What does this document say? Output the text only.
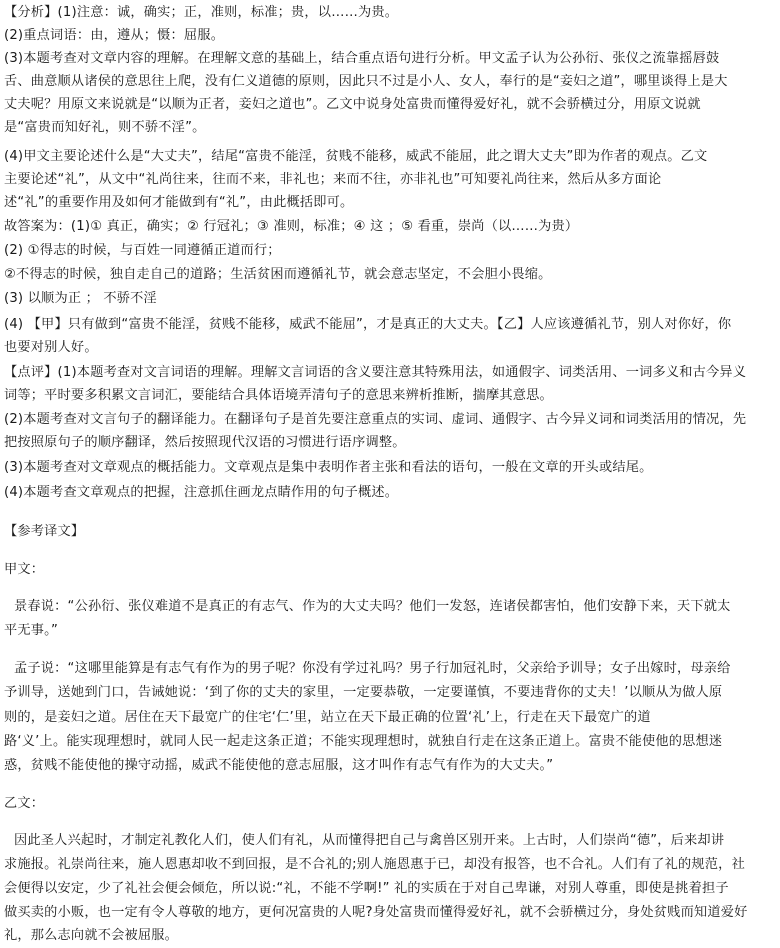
【分析】(1)注意：诚，确实；正，准则，标准；贵，以……为贵。
(2)重点词语：由，遵从；慑：屈服。
(3)本题考查对文章内容的理解。在理解文意的基础上，结合重点语句进行分析。甲文孟子认为公孙衍、张仪之流靠摇唇鼓
舌、曲意顺从诸侯的意思往上爬，没有仁义道德的原则，因此只不过是小人、女人，奉行的是“妾妇之道”，哪里谈得上是大
丈夫呢？用原文来说就是“以顺为正者，妾妇之道也”。乙文中说身处富贵而懂得爱好礼，就不会骄横过分，用原文说就
是“富贵而知好礼，则不骄不淫”。
(4)甲文主要论述什么是“大丈夫”，结尾“富贵不能淫，贫贱不能移，威武不能屈，此之谓大丈夫”即为作者的观点。乙文
主要论述“礼”，从文中“礼尚往来，往而不来，非礼也；来而不往，亦非礼也”可知要礼尚往来，然后从多方面论
述“礼”的重要作用及如何才能做到有“礼”，由此概括即可。
故答案为：(1)① 真正，确实；② 行冠礼；③ 准则，标准；④ 这 ；⑤ 看重，崇尚（以……为贵）
(2) ①得志的时候，与百姓一同遵循正道而行；
②不得志的时候，独自走自己的道路；生活贫困而遵循礼节，就会意志坚定，不会胆小畏缩。
(3) 以顺为正 ； 不骄不淫
(4) 【甲】只有做到“富贵不能淫，贫贱不能移，威武不能屈”，才是真正的大丈夫。【乙】人应该遵循礼节，别人对你好，你
也要对别人好。
【点评】(1)本题考查对文言词语的理解。理解文言词语的含义要注意其特殊用法，如通假字、词类活用、一词多义和古今异义
词等；平时要多积累文言词汇，要能结合具体语境弄清句子的意思来辨析推断，揣摩其意思。
(2)本题考查对文言句子的翻译能力。在翻译句子是首先要注意重点的实词、虚词、通假字、古今异义词和词类活用的情况，先
把按照原句子的顺序翻译，然后按照现代汉语的习惯进行语序调整。
(3)本题考查对文章观点的概括能力。文章观点是集中表明作者主张和看法的语句，一般在文章的开头或结尾。
(4)本题考查文章观点的把握，注意抓住画龙点睛作用的句子概述。
【参考译文】
甲文：
景春说：“公孙衍、张仪难道不是真正的有志气、作为的大丈夫吗？他们一发怒，连诸侯都害怕，他们安静下来，天下就太
平无事。”
孟子说：“这哪里能算是有志气有作为的男子呢？你没有学过礼吗？男子行加冠礼时，父亲给予训导；女子出嫁时，母亲给
予训导，送她到门口，告诫她说：‘到了你的丈夫的家里，一定要恭敬，一定要谨慎，不要违背你的丈夫！’以顺从为做人原
则的，是妾妇之道。居住在天下最宽广的住宅‘仁’里，站立在天下最正确的位置‘礼’上，行走在天下最宽广的道
路‘义’上。能实现理想时，就同人民一起走这条正道；不能实现理想时，就独自行走在这条正道上。富贵不能使他的思想迷
惑，贫贱不能使他的操守动摇，威武不能使他的意志屈服，这才叫作有志气有作为的大丈夫。”
乙文：
因此圣人兴起时，才制定礼教化人们，使人们有礼，从而懂得把自己与禽兽区别开来。上古时，人们崇尚“德”，后来却讲
求施报。礼崇尚往来，施人恩惠却收不到回报，是不合礼的;别人施恩惠于已，却没有报答，也不合礼。人们有了礼的规范，社
会便得以安定，少了礼社会便会倾危，所以说:“礼，不能不学啊!” 礼的实质在于对自己卑谦，对别人尊重，即使是挑着担子
做买卖的小贩，也一定有令人尊敬的地方，更何况富贵的人呢?身处富贵而懂得爱好礼，就不会骄横过分，身处贫贱而知道爱好
礼，那么志向就不会被屈服。
